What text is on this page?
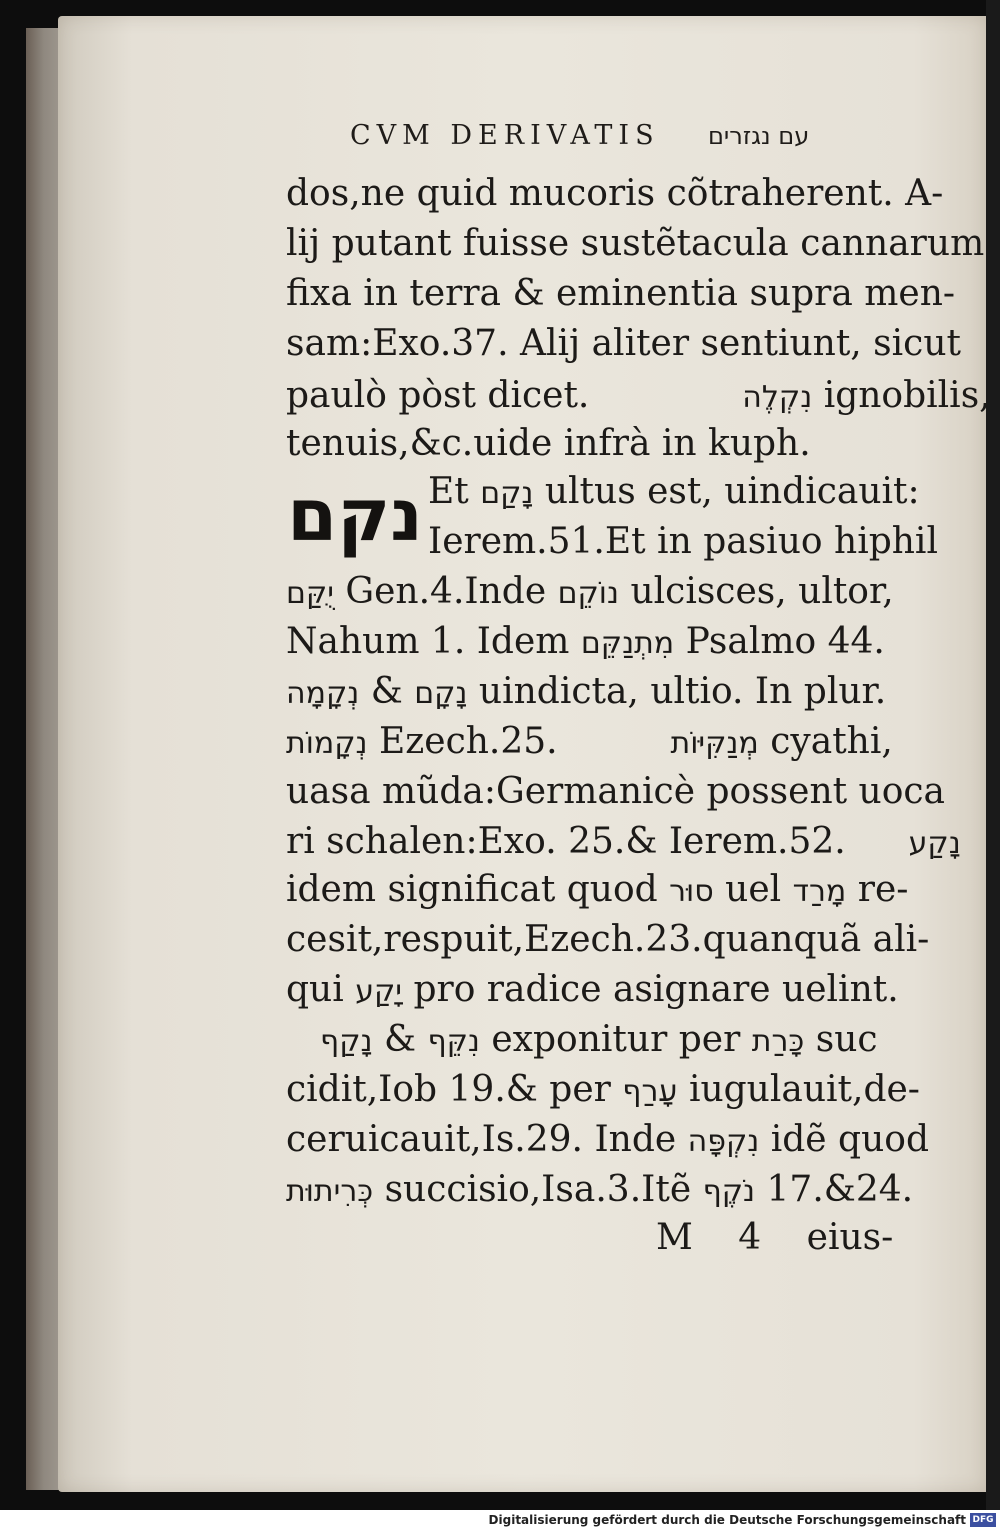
CVM DERIVATIS עם נגזרים
dos,ne quid mucoris cõtraherent. A-
lij putant fuisse sustẽtacula cannarum
fixa in terra & eminentia supra men-
sam:Exo.37. Alij aliter sentiunt, sicut
paulò pòst dicet.	נִקְלֶה ignobilis,
tenuis,&c.uide infrà in kuph.
נקם Et נָקַם ultus est, uindicauit:
Ierem.51.Et in pasiuo hiphil
יֻקַּם Gen.4.Inde נוֹקֵם ulcisces, ultor,
Nahum 1. Idem מִתְנַקֵּם Psalmo 44.
נְקָמָה & נָקָם uindicta, ultio. In plur.
נְקָמוֹת Ezech.25.	מְנַקִּיּוֹת cyathi,
uasa mũda:Germanicè possent uoca
ri schalen:Exo. 25.& Ierem.52. נָקַע
idem significat quod סוּר uel מָרַד re-
cesit,respuit,Ezech.23.quanquã ali-
qui יָקַע pro radice asignare uelint.
נָקַף & נִקֵּף exponitur per כָּרַת suc
cidit,Iob 19.& per עָרַף iugulauit,de-
ceruicauit,Is.29. Inde נִקְפָּה idẽ quod
כְּרִיתוּת succisio,Isa.3.Itẽ נֹקֶף 17.&24.
M 4 eius-
Digitalisierung gefördert durch die Deutsche Forschungsgemeinschaft DFG
